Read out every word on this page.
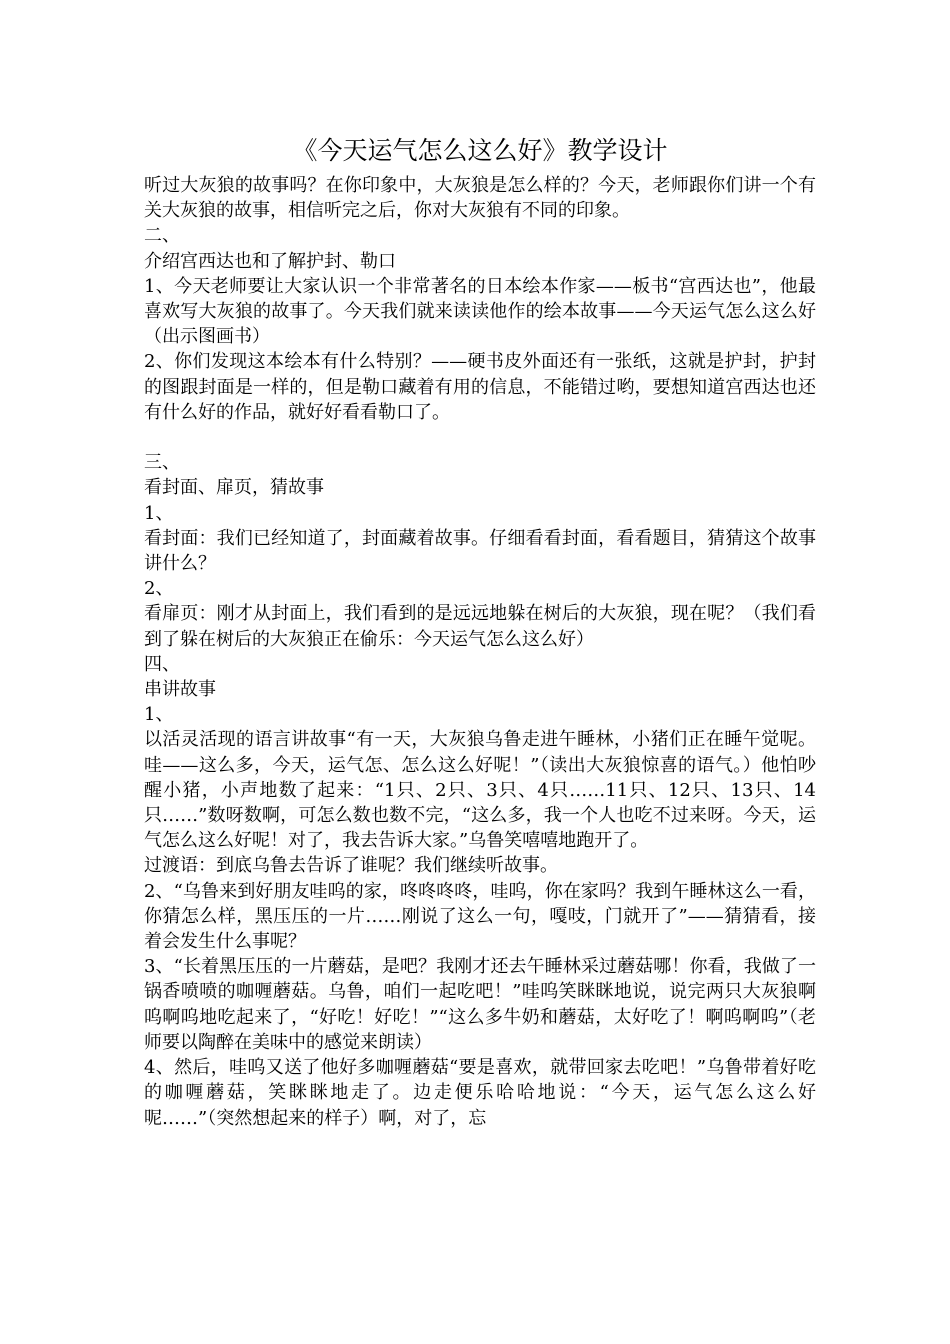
《今天运气怎么这么好》教学设计

听过大灰狼的故事吗？在你印象中，大灰狼是怎么样的？今天，老师跟你们讲一个有关大灰狼的故事，相信听完之后，你对大灰狼有不同的印象。

二、

介绍宫西达也和了解护封、勒口

1、今天老师要让大家认识一个非常著名的日本绘本作家——板书“宫西达也”，他最喜欢写大灰狼的故事了。今天我们就来读读他作的绘本故事——今天运气怎么这么好（出示图画书）

2、你们发现这本绘本有什么特别？——硬书皮外面还有一张纸，这就是护封，护封的图跟封面是一样的，但是勒口藏着有用的信息，不能错过哟，要想知道宫西达也还有什么好的作品，就好好看看勒口了。

三、

看封面、扉页，猜故事

1、

看封面：我们已经知道了，封面藏着故事。仔细看看封面，看看题目，猜猜这个故事讲什么？

2、

看扉页：刚才从封面上，我们看到的是远远地躲在树后的大灰狼，现在呢？（我们看到了躲在树后的大灰狼正在偷乐：今天运气怎么这么好）

四、

串讲故事

1、

以活灵活现的语言讲故事“有一天，大灰狼乌鲁走进午睡林，小猪们正在睡午觉呢。哇——这么多，今天，运气怎、怎么这么好呢！”（读出大灰狼惊喜的语气。）他怕吵醒小猪，小声地数了起来：“1只、2只、3只、4只……11只、12只、13只、14只……”数呀数啊，可怎么数也数不完，“这么多，我一个人也吃不过来呀。今天，运气怎么这么好呢！对了，我去告诉大家。”乌鲁笑嘻嘻地跑开了。

过渡语：到底乌鲁去告诉了谁呢？我们继续听故事。

2、“乌鲁来到好朋友哇呜的家，咚咚咚咚，哇呜，你在家吗？我到午睡林这么一看，你猜怎么样，黑压压的一片……刚说了这么一句，嘎吱，门就开了”——猜猜看，接着会发生什么事呢？

3、“长着黑压压的一片蘑菇，是吧？我刚才还去午睡林采过蘑菇哪！你看，我做了一锅香喷喷的咖喱蘑菇。乌鲁，咱们一起吃吧！”哇呜笑眯眯地说，说完两只大灰狼啊呜啊呜地吃起来了，“好吃！好吃！”“这么多牛奶和蘑菇，太好吃了！啊呜啊呜”（老师要以陶醉在美味中的感觉来朗读）

4、然后，哇呜又送了他好多咖喱蘑菇“要是喜欢，就带回家去吃吧！”乌鲁带着好吃的咖喱蘑菇，笑眯眯地走了。边走便乐哈哈地说：“今天，运气怎么这么好呢……”（突然想起来的样子）啊，对了，忘
